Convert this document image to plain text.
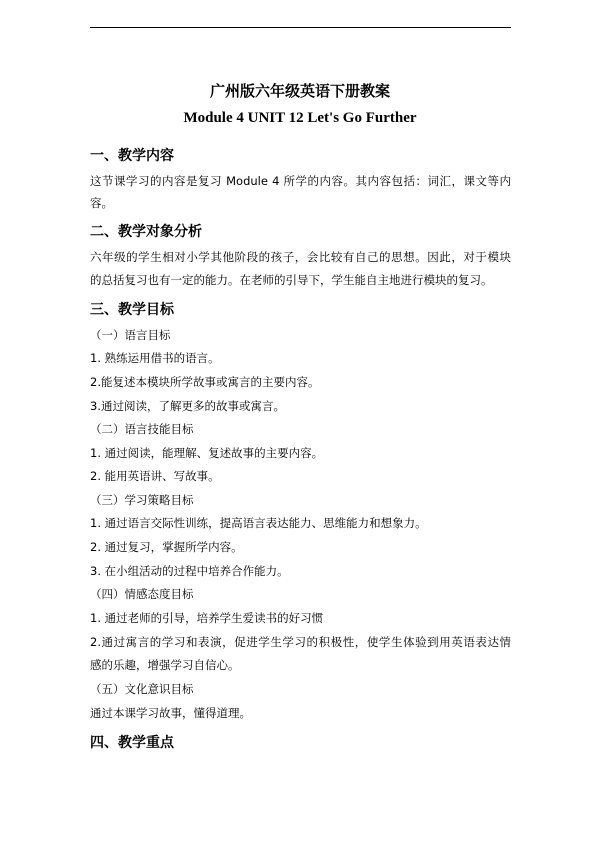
广州版六年级英语下册教案
Module 4 UNIT 12 Let's Go Further
一、教学内容
这节课学习的内容是复习 Module 4 所学的内容。其内容包括：词汇，课文等内
容。
二、教学对象分析
六年级的学生相对小学其他阶段的孩子，会比较有自己的思想。因此，对于模块
的总括复习也有一定的能力。在老师的引导下，学生能自主地进行模块的复习。
三、教学目标
（一）语言目标
1. 熟练运用借书的语言。
2.能复述本模块所学故事或寓言的主要内容。
3.通过阅读，了解更多的故事或寓言。
（二）语言技能目标
1. 通过阅读，能理解、复述故事的主要内容。
2. 能用英语讲、写故事。
（三）学习策略目标
1. 通过语言交际性训练，提高语言表达能力、思维能力和想象力。
2. 通过复习，掌握所学内容。
3. 在小组活动的过程中培养合作能力。
（四）情感态度目标
1. 通过老师的引导，培养学生爱读书的好习惯
2.通过寓言的学习和表演，促进学生学习的积极性，使学生体验到用英语表达情
感的乐趣，增强学习自信心。
（五）文化意识目标
通过本课学习故事，懂得道理。
四、教学重点
